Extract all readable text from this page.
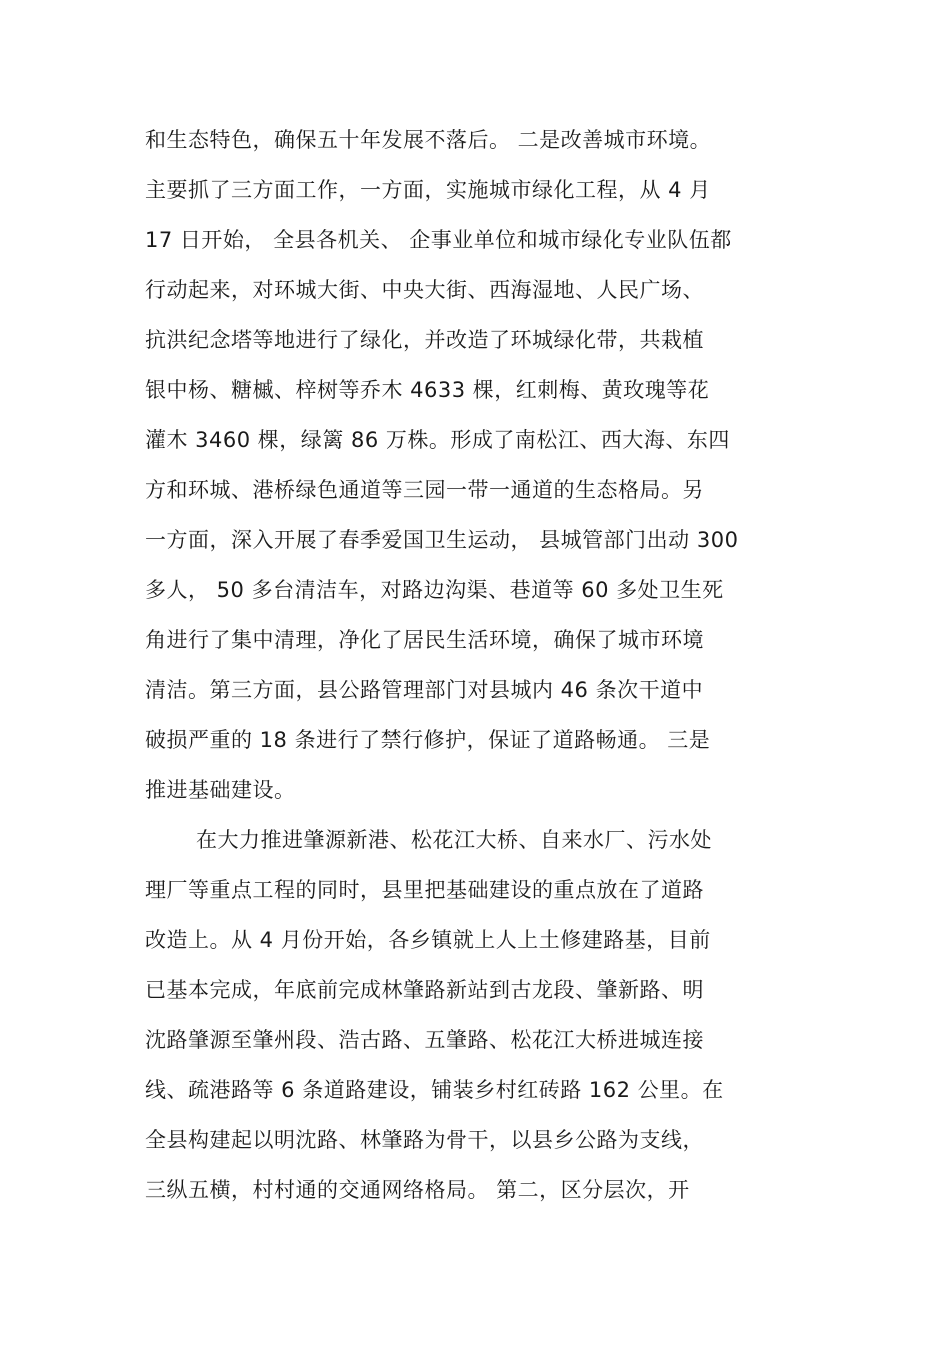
和生态特色，确保五十年发展不落后。 二是改善城市环境。
主要抓了三方面工作，一方面，实施城市绿化工程，从 4 月
17 日开始， 全县各机关、 企事业单位和城市绿化专业队伍都
行动起来，对环城大街、中央大街、西海湿地、人民广场、
抗洪纪念塔等地进行了绿化，并改造了环城绿化带，共栽植
银中杨、糖槭、梓树等乔木 4633 棵，红刺梅、黄玫瑰等花
灌木 3460 棵，绿篱 86 万株。形成了南松江、西大海、东四
方和环城、港桥绿色通道等三园一带一通道的生态格局。另
一方面，深入开展了春季爱国卫生运动， 县城管部门出动 300
多人， 50 多台清洁车，对路边沟渠、巷道等 60 多处卫生死
角进行了集中清理，净化了居民生活环境，确保了城市环境
清洁。第三方面，县公路管理部门对县城内 46 条次干道中
破损严重的 18 条进行了禁行修护，保证了道路畅通。 三是
推进基础建设。
在大力推进肇源新港、松花江大桥、自来水厂、污水处
理厂等重点工程的同时，县里把基础建设的重点放在了道路
改造上。从 4 月份开始，各乡镇就上人上土修建路基，目前
已基本完成，年底前完成林肇路新站到古龙段、肇新路、明
沈路肇源至肇州段、浩古路、五肇路、松花江大桥进城连接
线、疏港路等 6 条道路建设，铺装乡村红砖路 162 公里。在
全县构建起以明沈路、林肇路为骨干，以县乡公路为支线，
三纵五横，村村通的交通网络格局。 第二，区分层次，开
